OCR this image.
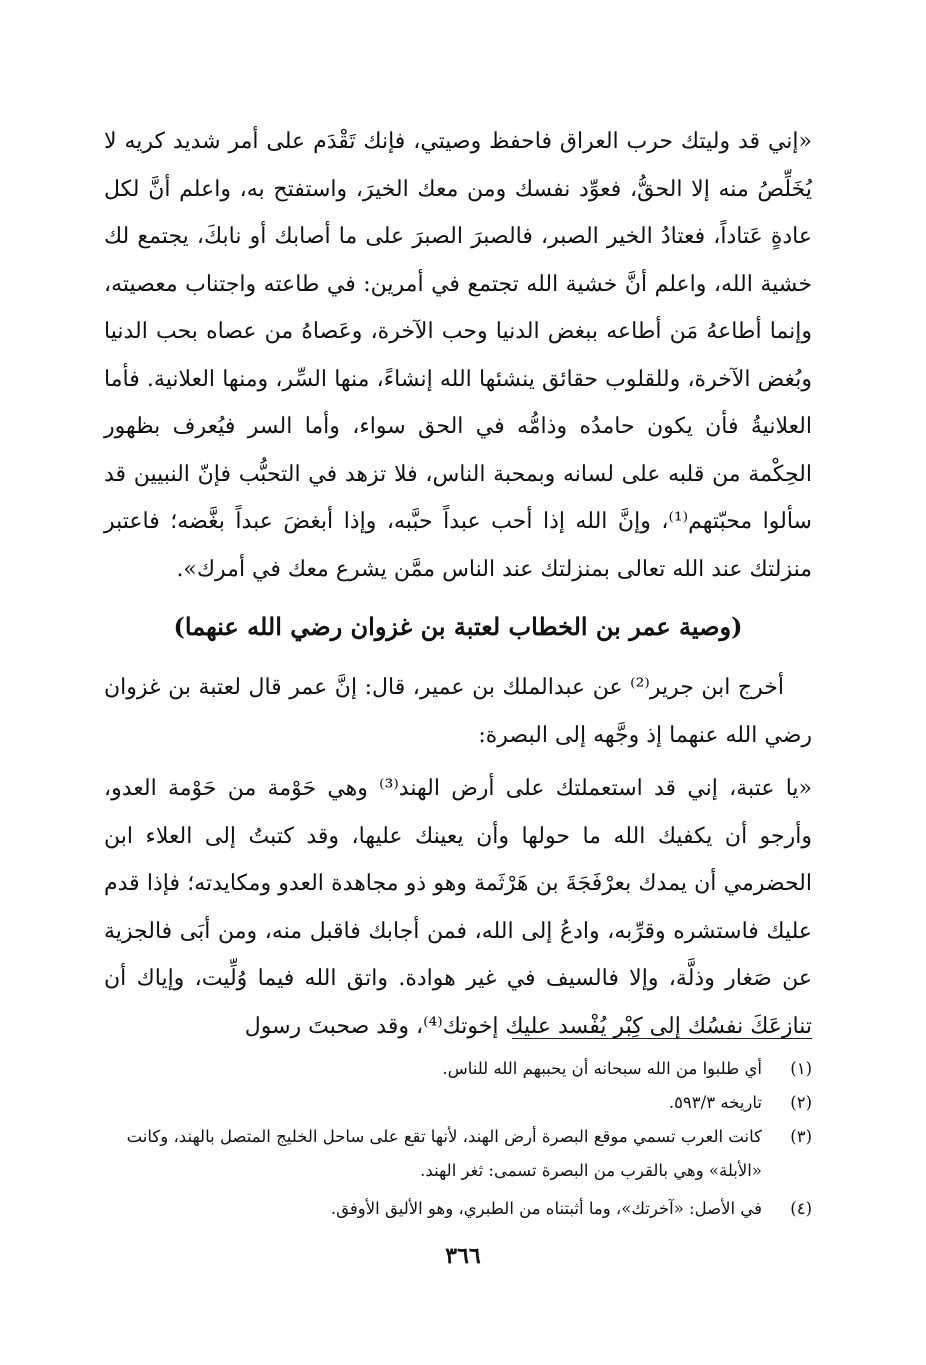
«إني قد وليتك حرب العراق فاحفظ وصيتي، فإنك تَقْدَم على أمر شديد كريه لا يُخَلِّصُ منه إلا الحقُّ، فعوِّد نفسك ومن معك الخيرَ، واستفتح به، واعلم أنَّ لكل عادةٍ عَتاداً، فعتادُ الخير الصبر، فالصبرَ الصبرَ على ما أصابك أو نابكَ، يجتمع لك خشية الله، واعلم أنَّ خشية الله تجتمع في أمرين: في طاعته واجتناب معصيته، وإنما أطاعهُ مَن أطاعه ببغض الدنيا وحب الآخرة، وعَصاهُ من عصاه بحب الدنيا وبُغض الآخرة، وللقلوب حقائق ينشئها الله إنشاءً، منها السِّر، ومنها العلانية. فأما العلانيةُ فأن يكون حامدُه وذامُّه في الحق سواء، وأما السر فيُعرف بظهور الحِكْمة من قلبه على لسانه وبمحبة الناس، فلا تزهد في التحبُّب فإنّ النبيين قد سألوا محبّتهم⁽¹⁾، وإنَّ الله إذا أحب عبداً حبَّبه، وإذا أبغضَ عبداً بغَّضه؛ فاعتبر منزلتك عند الله تعالى بمنزلتك عند الناس ممَّن يشرع معك في أمرك».

(وصية عمر بن الخطاب لعتبة بن غزوان رضي الله عنهما)

أخرج ابن جرير⁽²⁾ عن عبدالملك بن عمير، قال: إنَّ عمر قال لعتبة بن غزوان رضي الله عنهما إذ وجَّهه إلى البصرة:

«يا عتبة، إني قد استعملتك على أرض الهند⁽³⁾ وهي حَوْمة من حَوْمة العدو، وأرجو أن يكفيك الله ما حولها وأن يعينك عليها، وقد كتبتُ إلى العلاء ابن الحضرمي أن يمدك بعرْفَجَةَ بن هَرْثَمة وهو ذو مجاهدة العدو ومكايدته؛ فإذا قدم عليك فاستشره وقرِّبه، وادعُ إلى الله، فمن أجابك فاقبل منه، ومن أبَى فالجزية عن صَغار وذلَّة، وإلا فالسيف في غير هوادة. واتق الله فيما وُلِّيت، وإياك أن تنازعَكَ نفسُك إلى كِبْر يُفْسد عليك إخوتك⁽⁴⁾، وقد صحبتَ رسول

(١)
أي طلبوا من الله سبحانه أن يحببهم الله للناس.
(٢)
تاريخه ٥٩٣/٣.
(٣)
كانت العرب تسمي موقع البصرة أرض الهند، لأنها تقع على ساحل الخليج المتصل بالهند، وكانت «الأبلة» وهي بالقرب من البصرة تسمى: ثغر الهند.
(٤)
في الأصل: «آخرتك»، وما أثبتناه من الطبري، وهو الأليق الأوفق.
٣٦٦
